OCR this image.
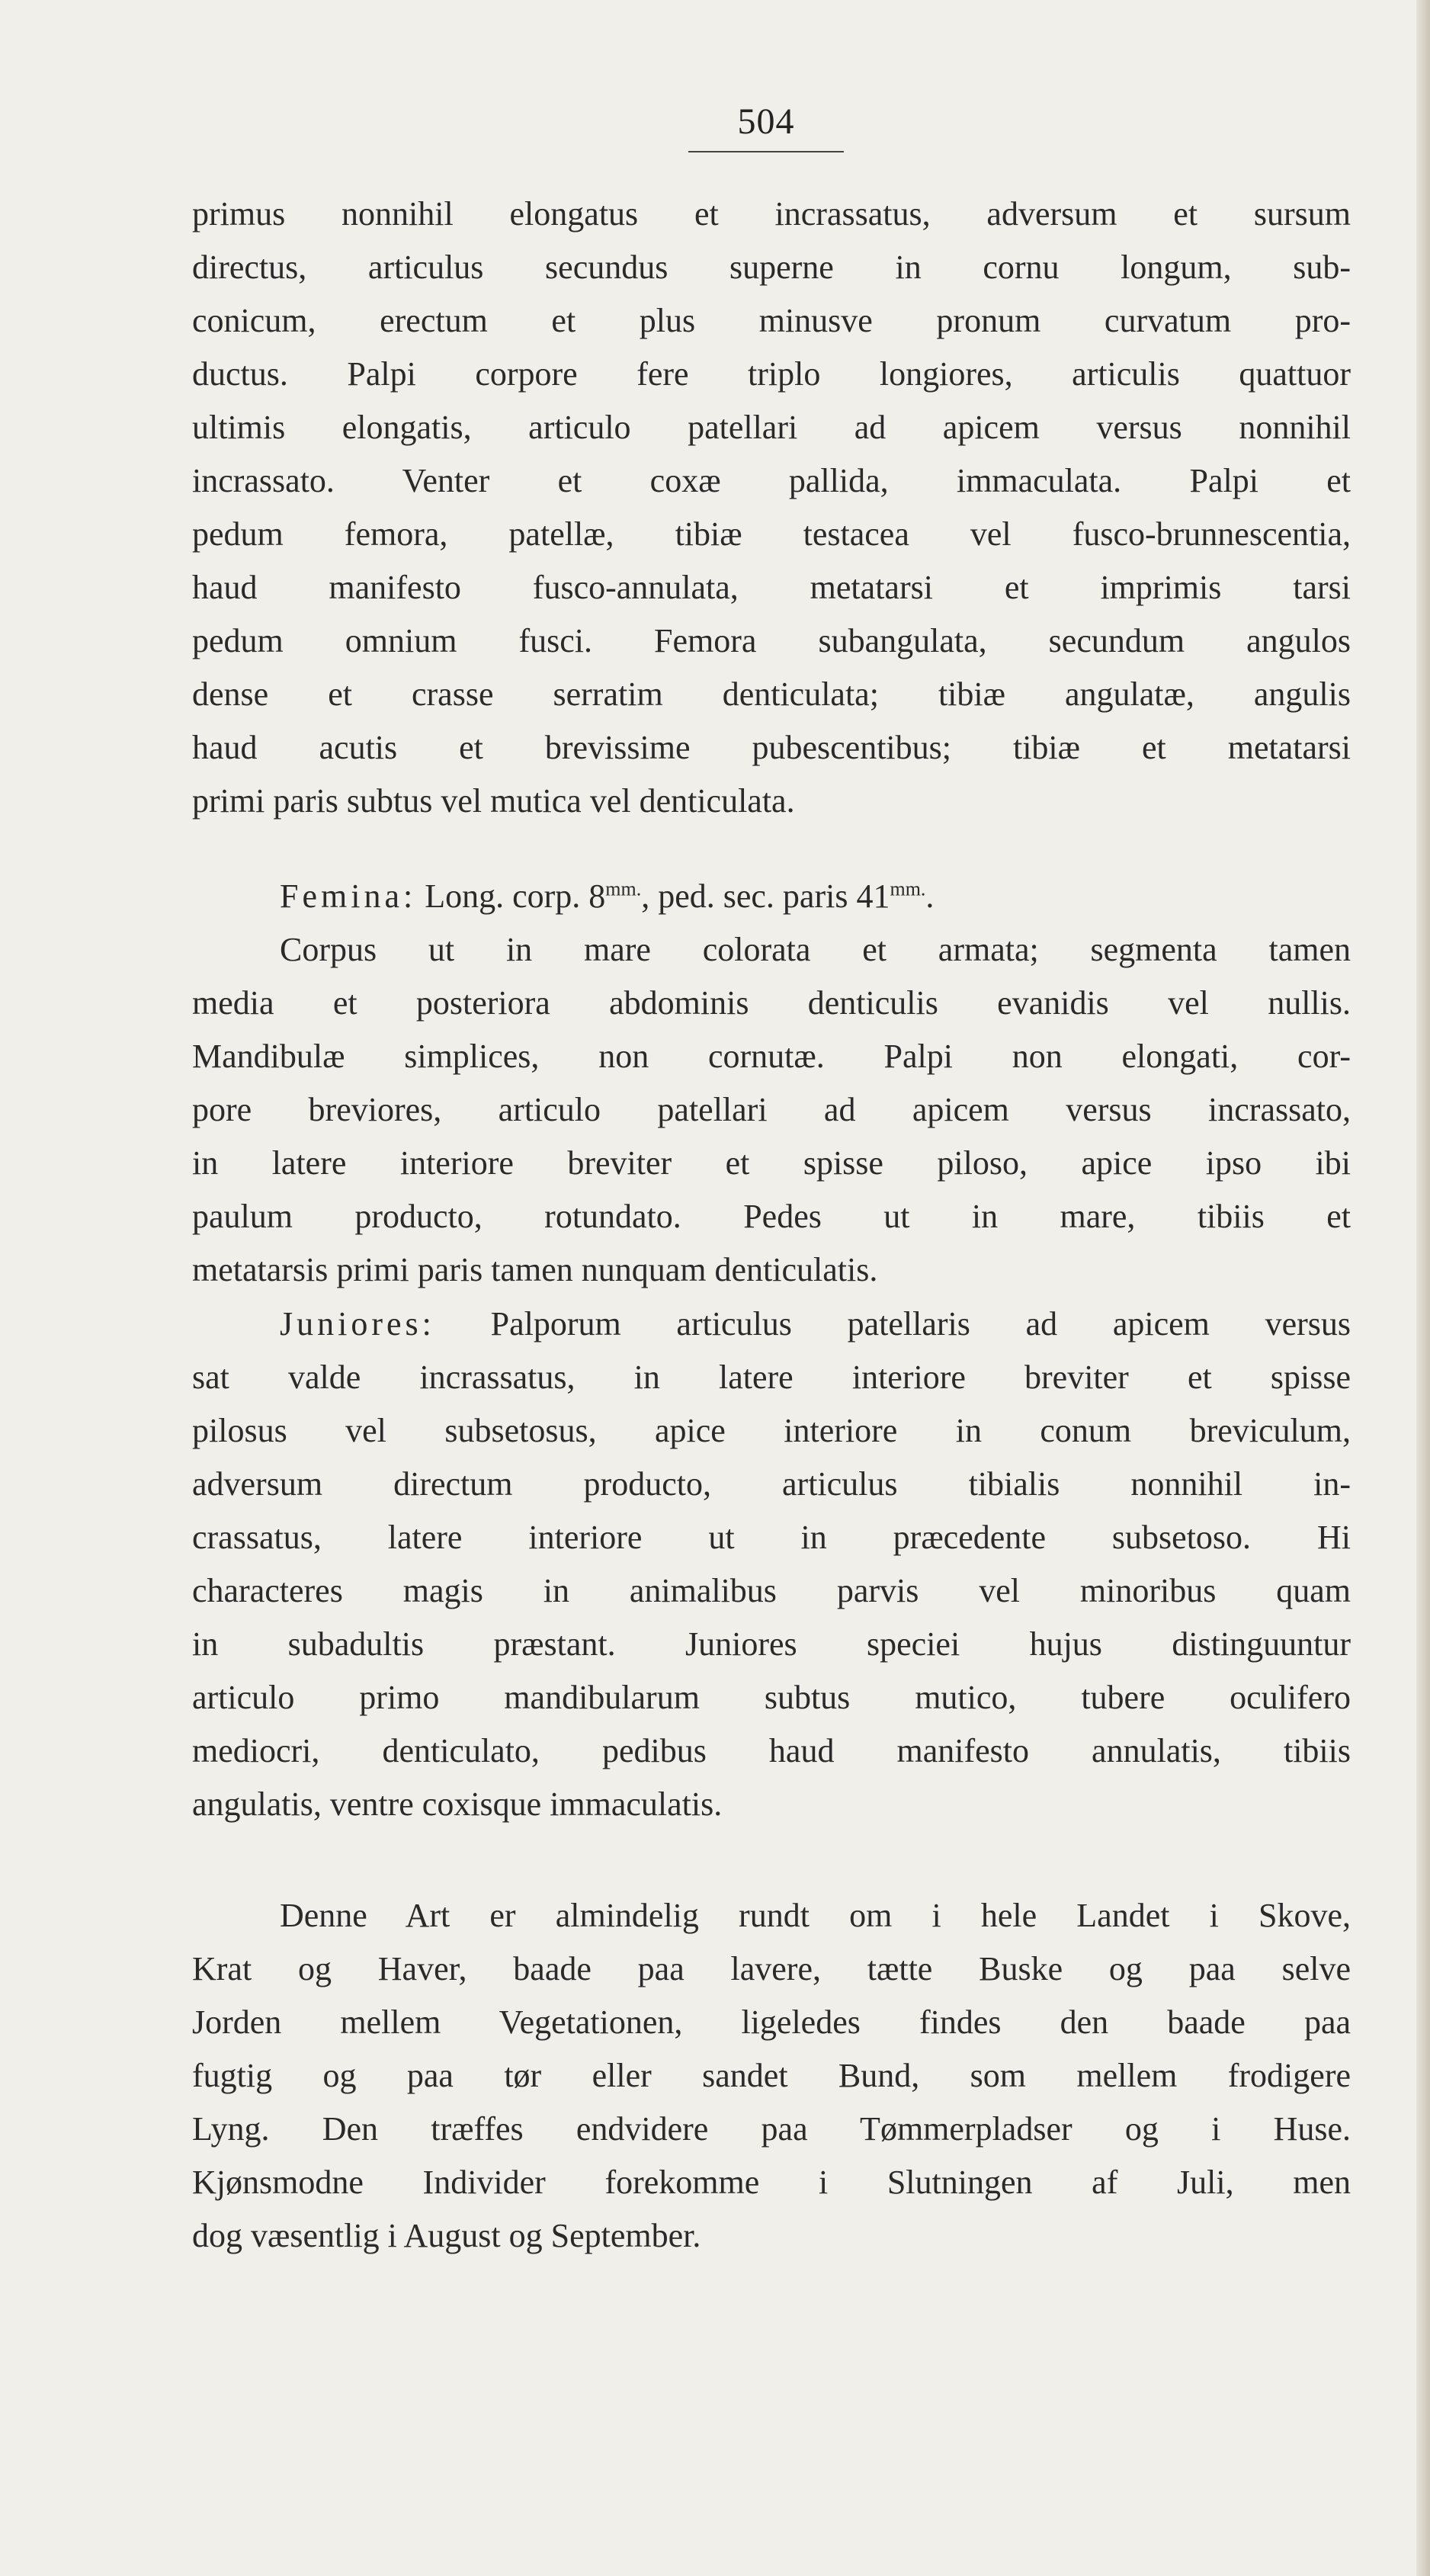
504
primus nonnihil elongatus et incrassatus, adversum et sursum
directus, articulus secundus superne in cornu longum, sub-
conicum, erectum et plus minusve pronum curvatum pro-
ductus. Palpi corpore fere triplo longiores, articulis quattuor
ultimis elongatis, articulo patellari ad apicem versus nonnihil
incrassato. Venter et coxæ pallida, immaculata. Palpi et
pedum femora, patellæ, tibiæ testacea vel fusco-brunnescentia,
haud manifesto fusco-annulata, metatarsi et imprimis tarsi
pedum omnium fusci. Femora subangulata, secundum angulos
dense et crasse serratim denticulata; tibiæ angulatæ, angulis
haud acutis et brevissime pubescentibus; tibiæ et metatarsi
primi paris subtus vel mutica vel denticulata.
Femina: Long. corp. $8^{mm.}$, ped. sec. paris $41^{mm.}$.
Corpus ut in mare colorata et armata; segmenta tamen
media et posteriora abdominis denticulis evanidis vel nullis.
Mandibulæ simplices, non cornutæ. Palpi non elongati, cor-
pore breviores, articulo patellari ad apicem versus incrassato,
in latere interiore breviter et spisse piloso, apice ipso ibi
paulum producto, rotundato. Pedes ut in mare, tibiis et
metatarsis primi paris tamen nunquam denticulatis.
Juniores: Palporum articulus patellaris ad apicem versus
sat valde incrassatus, in latere interiore breviter et spisse
pilosus vel subsetosus, apice interiore in conum breviculum,
adversum directum producto, articulus tibialis nonnihil in-
crassatus, latere interiore ut in præcedente subsetoso. Hi
characteres magis in animalibus parvis vel minoribus quam
in subadultis præstant. Juniores speciei hujus distinguuntur
articulo primo mandibularum subtus mutico, tubere oculifero
mediocri, denticulato, pedibus haud manifesto annulatis, tibiis
angulatis, ventre coxisque immaculatis.
Denne Art er almindelig rundt om i hele Landet i Skove,
Krat og Haver, baade paa lavere, tætte Buske og paa selve
Jorden mellem Vegetationen, ligeledes findes den baade paa
fugtig og paa tør eller sandet Bund, som mellem frodigere
Lyng. Den træffes endvidere paa Tømmerpladser og i Huse.
Kjønsmodne Individer forekomme i Slutningen af Juli, men
dog væsentlig i August og September.
